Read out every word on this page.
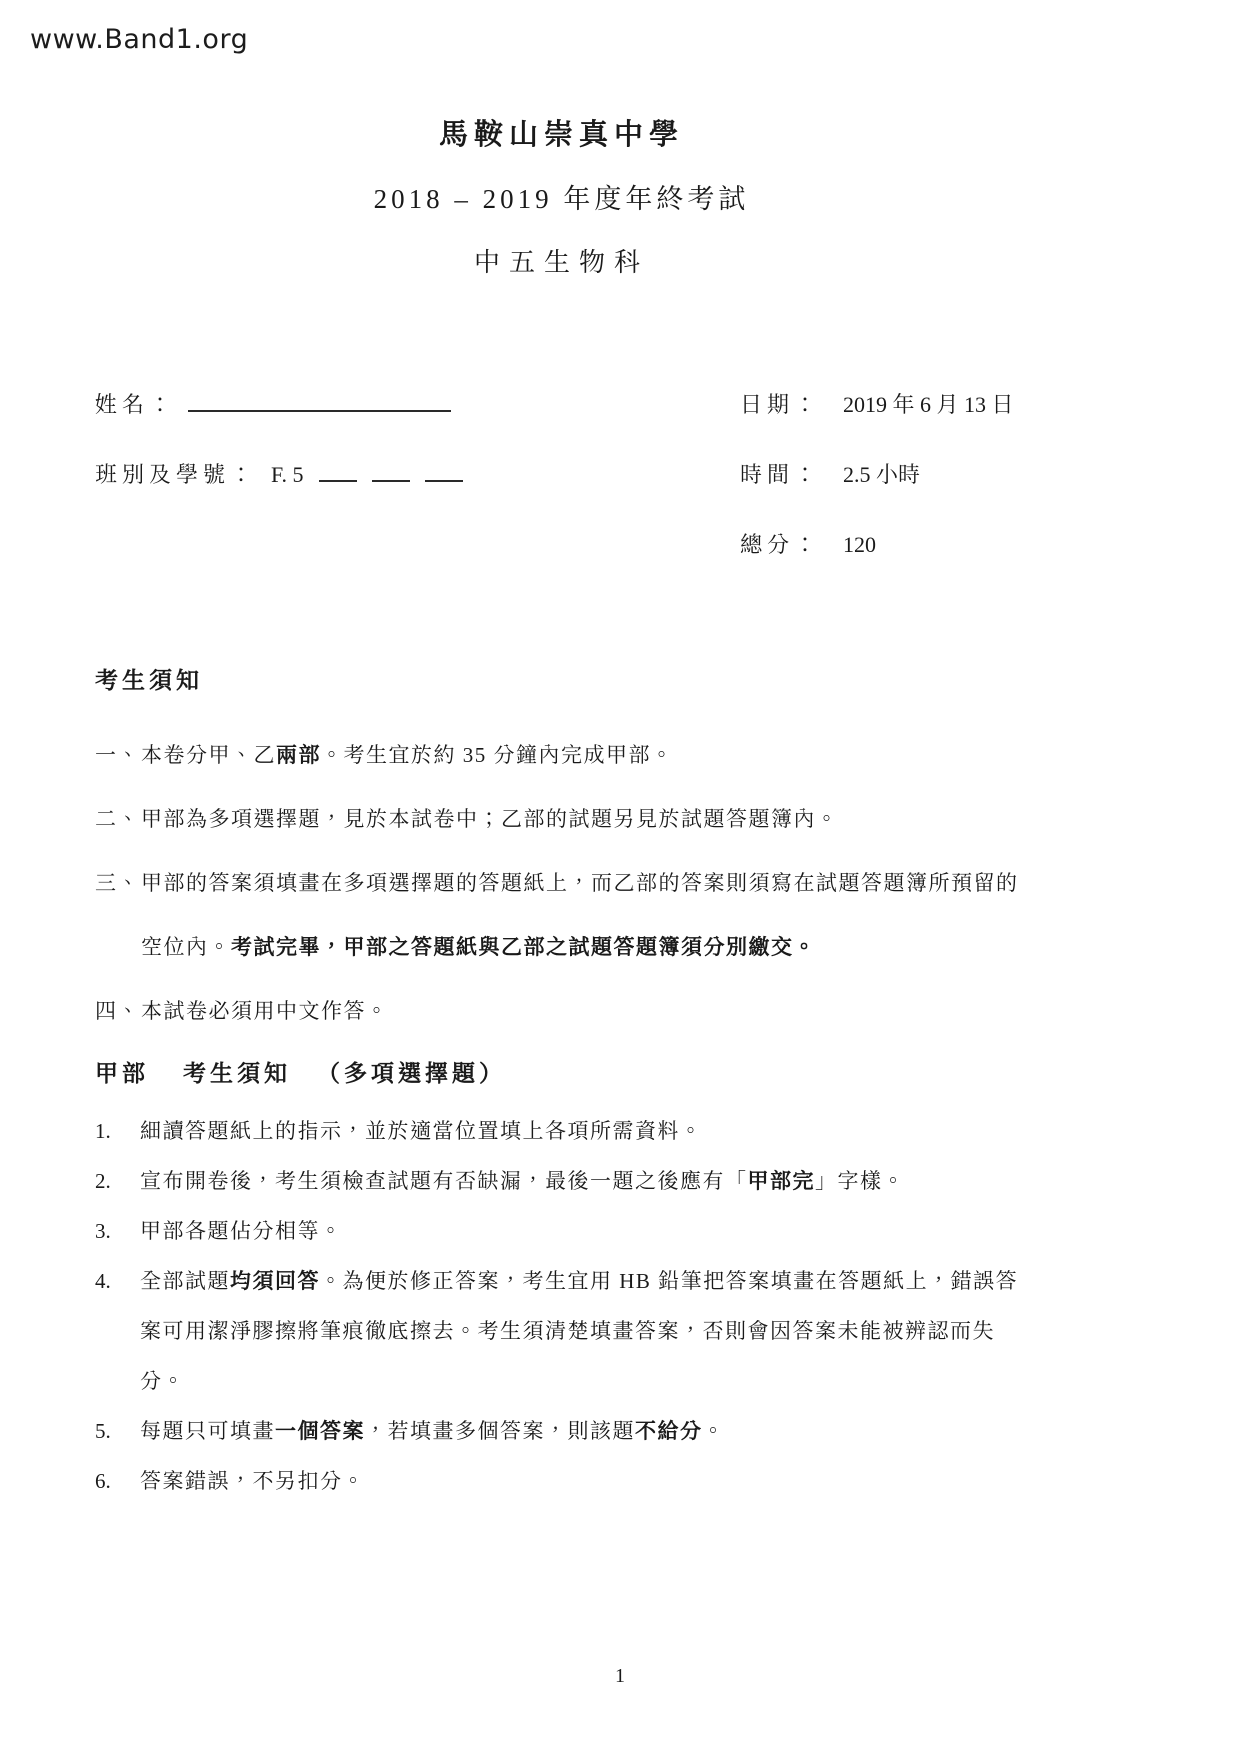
www.Band1.org
馬鞍山崇真中學
2018 – 2019 年度年終考試
中五生物科
姓名：
班別及學號： F. 5
日期： 2019 年 6 月 13 日
時間： 2.5 小時
總分： 120
考生須知
一、本卷分甲、乙兩部。考生宜於約 35 分鐘內完成甲部。
二、甲部為多項選擇題，見於本試卷中；乙部的試題另見於試題答題簿內。
三、甲部的答案須填畫在多項選擇題的答題紙上，而乙部的答案則須寫在試題答題簿所預留的空位內。考試完畢，甲部之答題紙與乙部之試題答題簿須分別繳交。
四、本試卷必須用中文作答。
甲部 考生須知 （多項選擇題）
1. 細讀答題紙上的指示，並於適當位置填上各項所需資料。
2. 宣布開卷後，考生須檢查試題有否缺漏，最後一題之後應有「甲部完」字樣。
3. 甲部各題佔分相等。
4. 全部試題均須回答。為便於修正答案，考生宜用 HB 鉛筆把答案填畫在答題紙上，錯誤答案可用潔淨膠擦將筆痕徹底擦去。考生須清楚填畫答案，否則會因答案未能被辨認而失分。
5. 每題只可填畫一個答案，若填畫多個答案，則該題不給分。
6. 答案錯誤，不另扣分。
1
